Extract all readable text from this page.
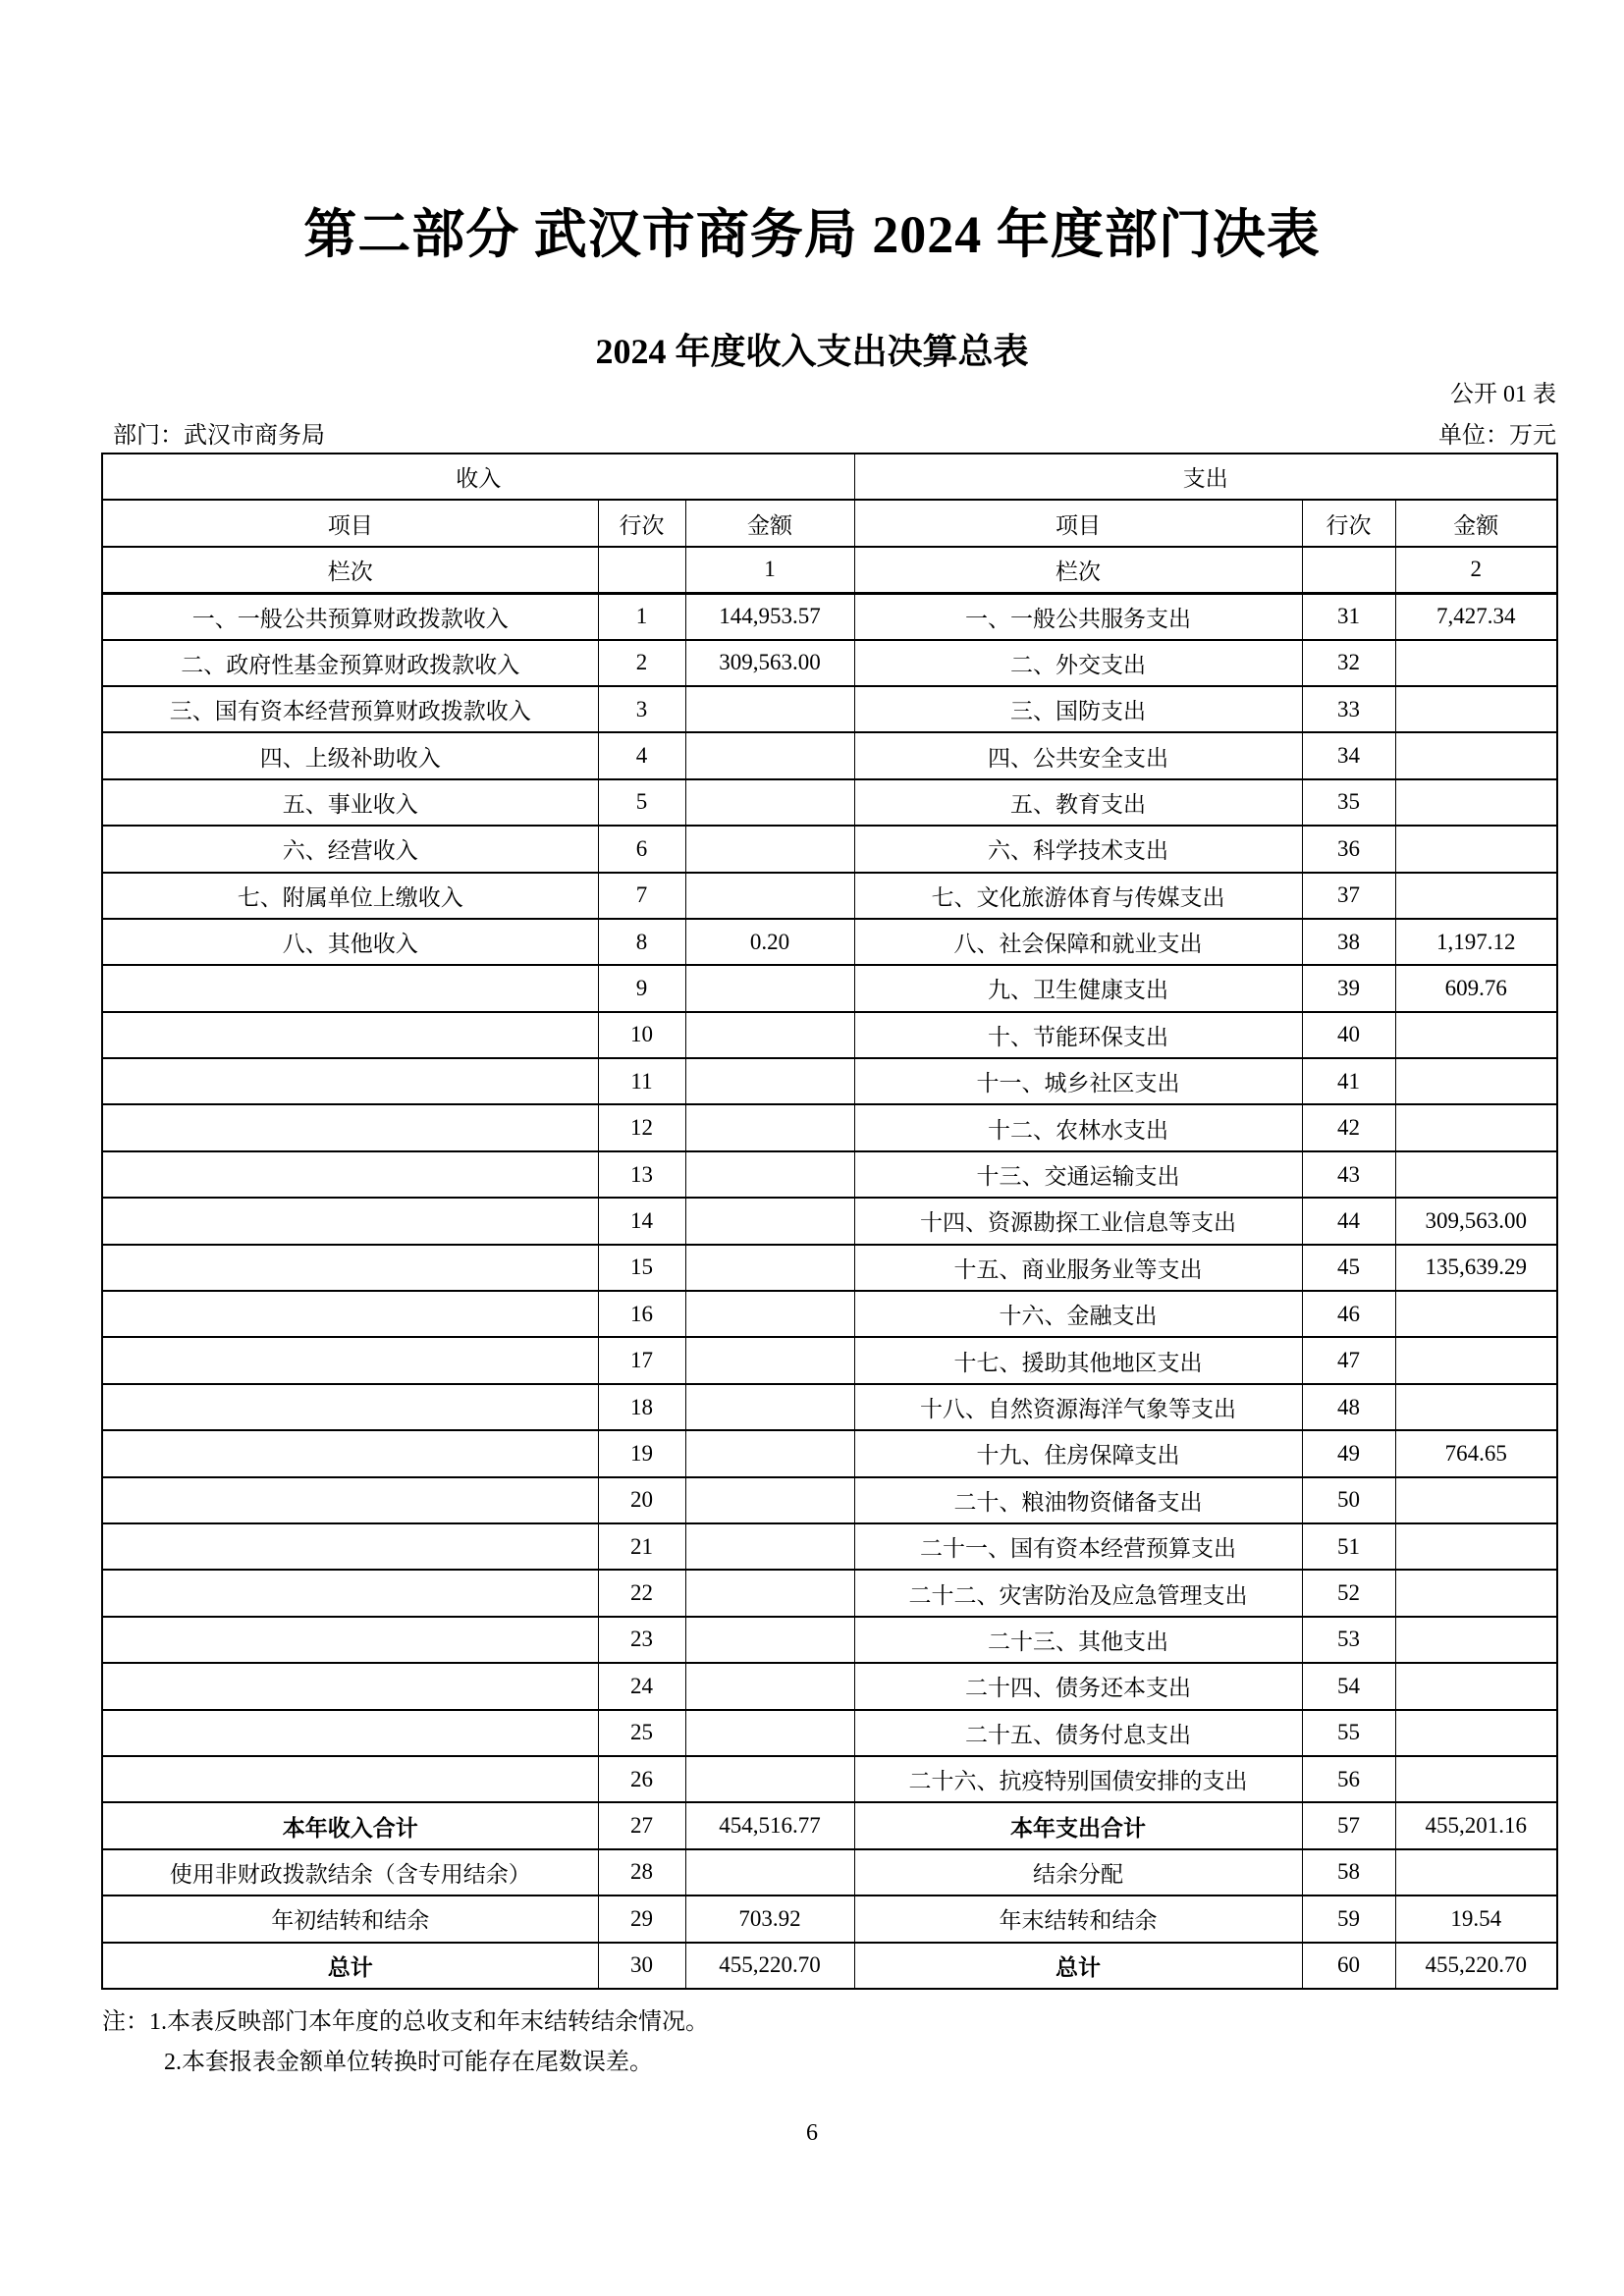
第二部分 武汉市商务局 2024 年度部门决表
2024 年度收入支出决算总表
公开 01 表
部门：武汉市商务局	单位：万元
收入			支出		
项目	行次	金额	项目	行次	金额
栏次		1	栏次		2
一、一般公共预算财政拨款收入	1	144,953.57	一、一般公共服务支出	31	7,427.34
二、政府性基金预算财政拨款收入	2	309,563.00	二、外交支出	32	
三、国有资本经营预算财政拨款收入	3		三、国防支出	33	
四、上级补助收入	4		四、公共安全支出	34	
五、事业收入	5		五、教育支出	35	
六、经营收入	6		六、科学技术支出	36	
七、附属单位上缴收入	7		七、文化旅游体育与传媒支出	37	
八、其他收入	8	0.20	八、社会保障和就业支出	38	1,197.12
	9		九、卫生健康支出	39	609.76
	10		十、节能环保支出	40	
	11		十一、城乡社区支出	41	
	12		十二、农林水支出	42	
	13		十三、交通运输支出	43	
	14		十四、资源勘探工业信息等支出	44	309,563.00
	15		十五、商业服务业等支出	45	135,639.29
	16		十六、金融支出	46	
	17		十七、援助其他地区支出	47	
	18		十八、自然资源海洋气象等支出	48	
	19		十九、住房保障支出	49	764.65
	20		二十、粮油物资储备支出	50	
	21		二十一、国有资本经营预算支出	51	
	22		二十二、灾害防治及应急管理支出	52	
	23		二十三、其他支出	53	
	24		二十四、债务还本支出	54	
	25		二十五、债务付息支出	55	
	26		二十六、抗疫特别国债安排的支出	56	
本年收入合计	27	454,516.77	本年支出合计	57	455,201.16
使用非财政拨款结余（含专用结余）	28		结余分配	58	
年初结转和结余	29	703.92	年末结转和结余	59	19.54
总计	30	455,220.70	总计	60	455,220.70
注：1.本表反映部门本年度的总收支和年末结转结余情况。
2.本套报表金额单位转换时可能存在尾数误差。
6
